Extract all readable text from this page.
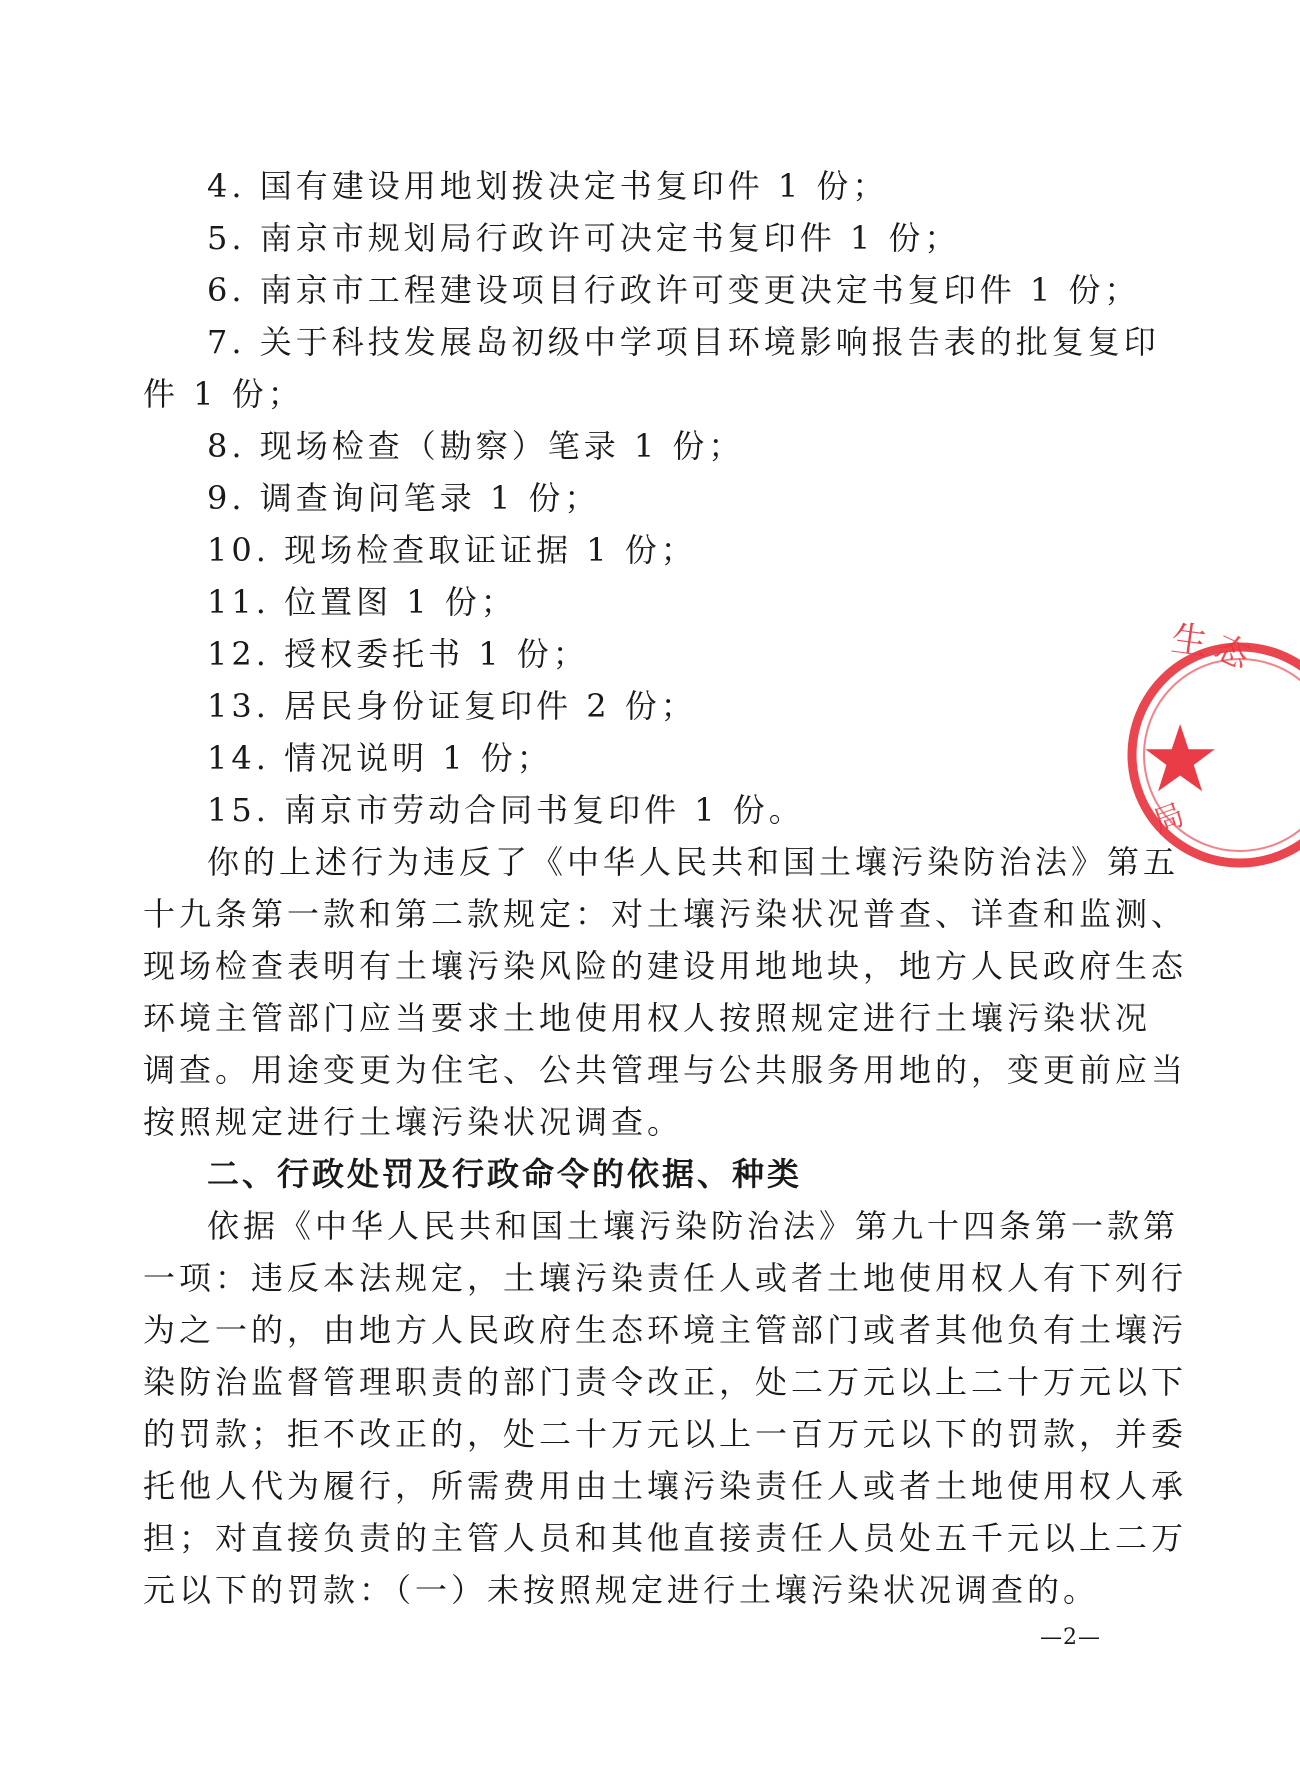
4. 国有建设用地划拨决定书复印件 1 份；
5. 南京市规划局行政许可决定书复印件 1 份；
6. 南京市工程建设项目行政许可变更决定书复印件 1 份；
7. 关于科技发展岛初级中学项目环境影响报告表的批复复印
件 1 份；
8. 现场检查（勘察）笔录 1 份；
9. 调查询问笔录 1 份；
10. 现场检查取证证据 1 份；
11. 位置图 1 份；
12. 授权委托书 1 份；
13. 居民身份证复印件 2 份；
14. 情况说明 1 份；
15. 南京市劳动合同书复印件 1 份。
你的上述行为违反了《中华人民共和国土壤污染防治法》第五
十九条第一款和第二款规定：对土壤污染状况普查、详查和监测、
现场检查表明有土壤污染风险的建设用地地块，地方人民政府生态
环境主管部门应当要求土地使用权人按照规定进行土壤污染状况
调查。用途变更为住宅、公共管理与公共服务用地的，变更前应当
按照规定进行土壤污染状况调查。
二、行政处罚及行政命令的依据、种类
依据《中华人民共和国土壤污染防治法》第九十四条第一款第
一项：违反本法规定，土壤污染责任人或者土地使用权人有下列行
为之一的，由地方人民政府生态环境主管部门或者其他负有土壤污
染防治监督管理职责的部门责令改正，处二万元以上二十万元以下
的罚款；拒不改正的，处二十万元以上一百万元以下的罚款，并委
托他人代为履行，所需费用由土壤污染责任人或者土地使用权人承
担；对直接负责的主管人员和其他直接责任人员处五千元以上二万
元以下的罚款：（一）未按照规定进行土壤污染状况调查的。
—2—
生
态
局
